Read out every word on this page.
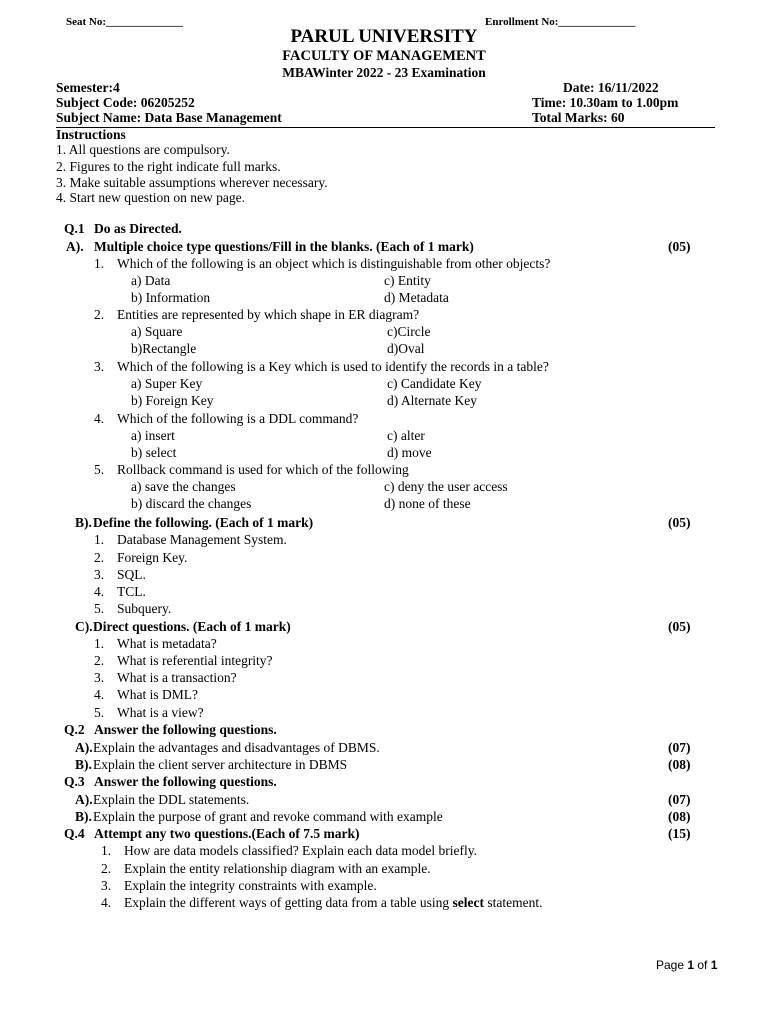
Seat No:______________	Enrollment No:______________
PARUL UNIVERSITY
FACULTY OF MANAGEMENT
MBAWinter 2022 - 23 Examination
Semester:4	Date: 16/11/2022
Subject Code: 06205252	Time: 10.30am to 1.00pm
Subject Name: Data Base Management	Total Marks: 60
Instructions
1. All questions are compulsory.
2. Figures to the right indicate full marks.
3. Make suitable assumptions wherever necessary.
4. Start new question on new page.
Q.1 Do as Directed.
A). Multiple choice type questions/Fill in the blanks. (Each of 1 mark)	(05)
1. Which of the following is an object which is distinguishable from other objects?
a) Data	c) Entity
b) Information	d) Metadata
2. Entities are represented by which shape in ER diagram?
a) Square	c)Circle
b)Rectangle	d)Oval
3. Which of the following is a Key which is used to identify the records in a table?
a) Super Key	c) Candidate Key
b) Foreign Key	d) Alternate Key
4. Which of the following is a DDL command?
a) insert	c) alter
b) select	d) move
5. Rollback command is used for which of the following
a) save the changes	c) deny the user access
b) discard the changes	d) none of these
B). Define the following. (Each of 1 mark)	(05)
1. Database Management System.
2. Foreign Key.
3. SQL.
4. TCL.
5. Subquery.
C). Direct questions. (Each of 1 mark)	(05)
1. What is metadata?
2. What is referential integrity?
3. What is a transaction?
4. What is DML?
5. What is a view?
Q.2 Answer the following questions.
A). Explain the advantages and disadvantages of DBMS.	(07)
B). Explain the client server architecture in DBMS	(08)
Q.3 Answer the following questions.
A). Explain the DDL statements.	(07)
B). Explain the purpose of grant and revoke command with example	(08)
Q.4 Attempt any two questions.(Each of 7.5 mark)	(15)
1. How are data models classified? Explain each data model briefly.
2. Explain the entity relationship diagram with an example.
3. Explain the integrity constraints with example.
4. Explain the different ways of getting data from a table using select statement.
Page 1 of 1
